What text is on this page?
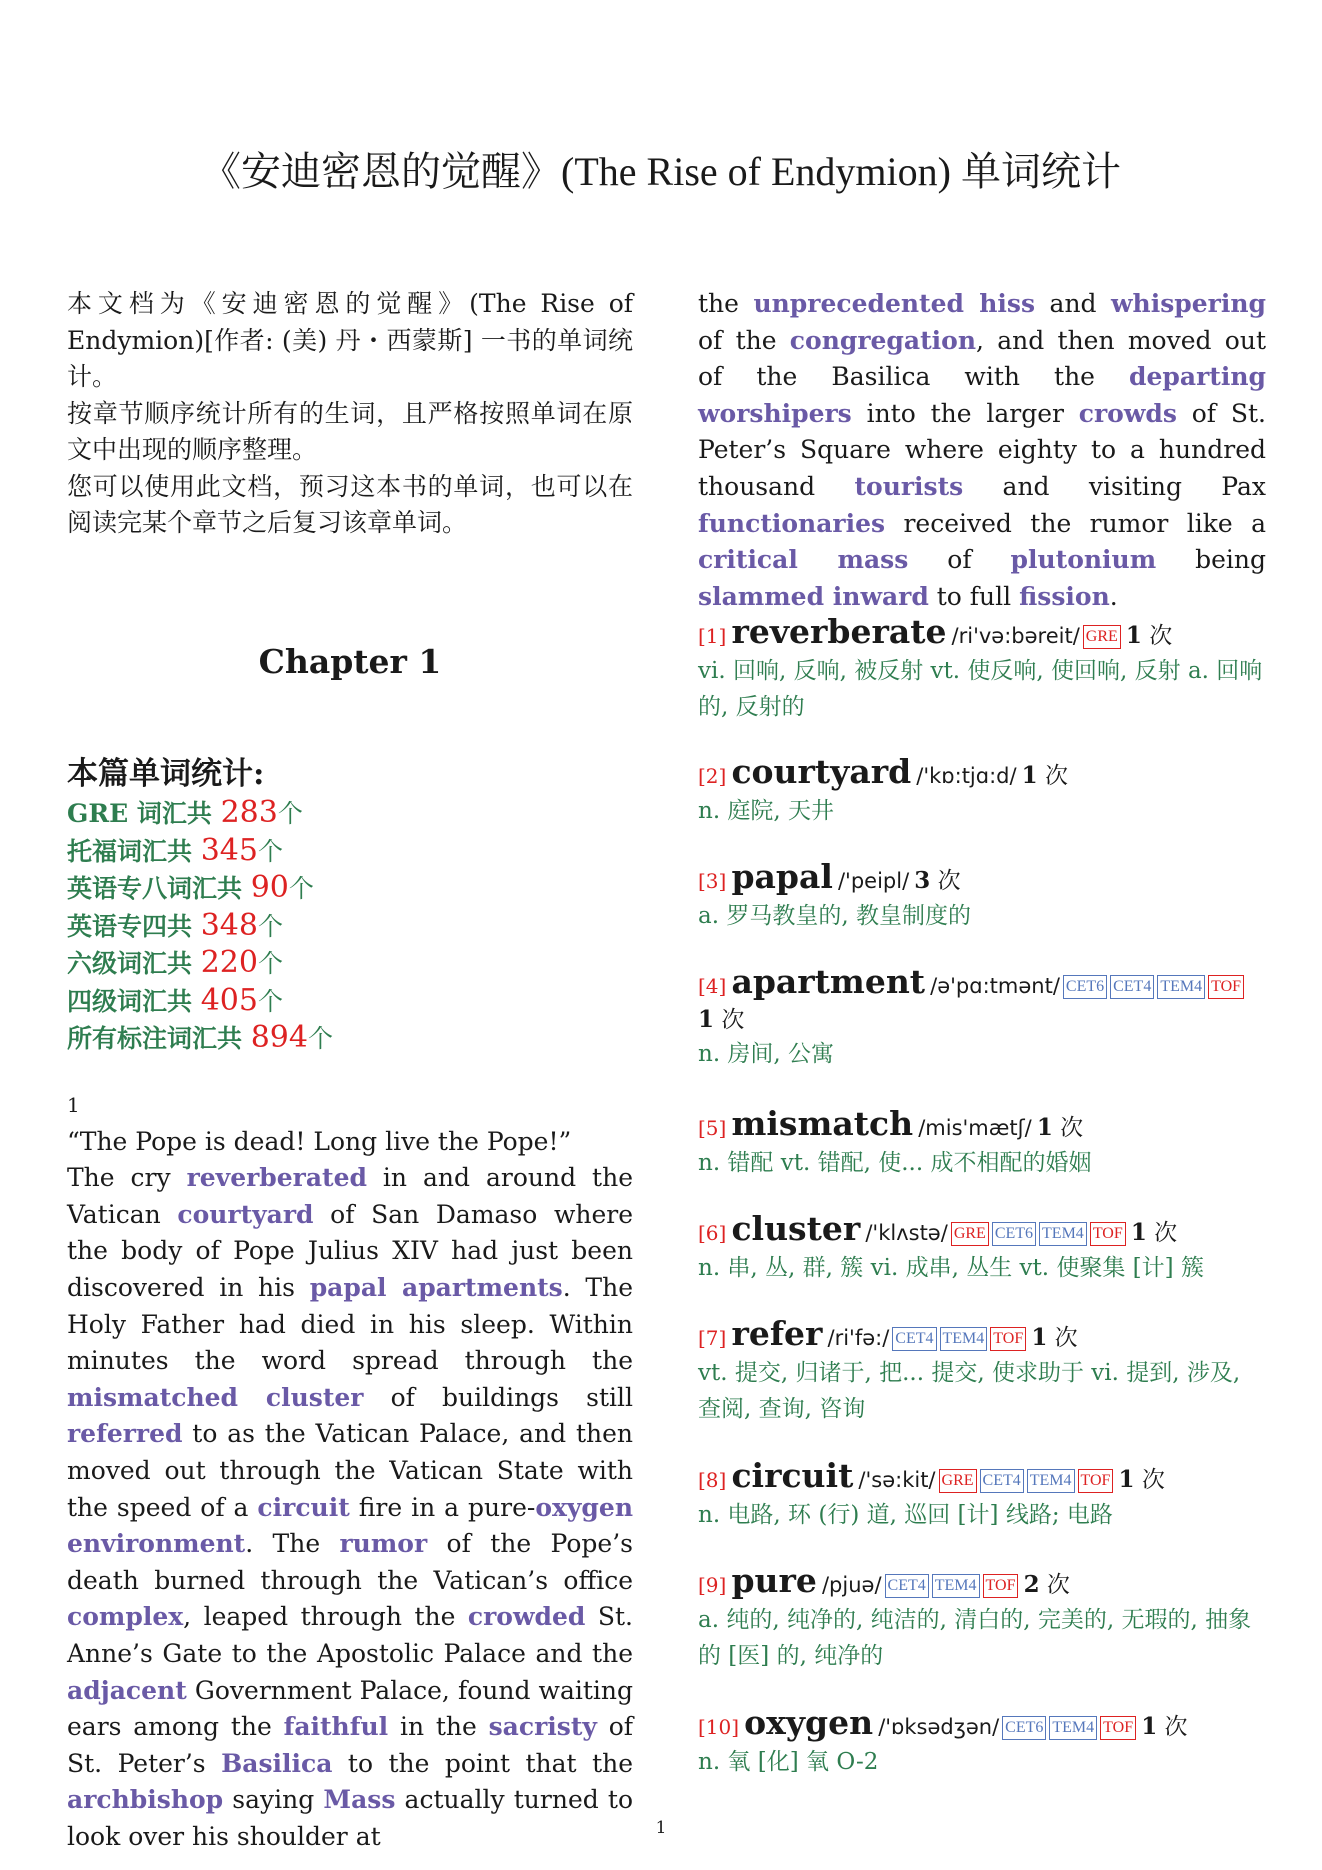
《安迪密恩的觉醒》(The Rise of Endymion) 单词统计

本文档为《安迪密恩的觉醒》(The Rise of Endymion)[作者: (美) 丹・西蒙斯] 一书的单词统计。

按章节顺序统计所有的生词，且严格按照单词在原文中出现的顺序整理。

您可以使用此文档，预习这本书的单词，也可以在阅读完某个章节之后复习该章单词。

Chapter 1
本篇单词统计:
GRE 词汇共 283个
托福词汇共 345个
英语专八词汇共 90个
英语专四共 348个
六级词汇共 220个
四级词汇共 405个
所有标注词汇共 894个
1

“The Pope is dead! Long live the Pope!”

The cry reverberated in and around the Vatican courtyard of San Damaso where the body of Pope Julius XIV had just been discovered in his papal apartments. The Holy Father had died in his sleep. Within minutes the word spread through the mismatched cluster of buildings still referred to as the Vatican Palace, and then moved out through the Vatican State with the speed of a circuit fire in a pure-oxygen environment. The rumor of the Pope’s death burned through the Vatican’s office complex, leaped through the crowded St. Anne’s Gate to the Apostolic Palace and the adjacent Government Palace, found waiting ears among the faithful in the sacristy of St. Peter’s Basilica to the point that the archbishop saying Mass actually turned to look over his shoulder at

the unprecedented hiss and whispering of the congregation, and then moved out of the Basilica with the departing worshipers into the larger crowds of St. Peter’s Square where eighty to a hundred thousand tourists and visiting Pax functionaries received the rumor like a critical mass of plutonium being slammed inward to full fission.

[1] reverberate /ri'və:bəreit/ GRE 1 次
vi. 回响, 反响, 被反射 vt. 使反响, 使回响, 反射 a. 回响的, 反射的
[2] courtyard /'kɒ:tjɑ:d/ 1 次
n. 庭院, 天井
[3] papal /'peipl/ 3 次
a. 罗马教皇的, 教皇制度的
[4] apartment /ə'pɑ:tmənt/ CET6 CET4 TEM4 TOF
1 次
n. 房间, 公寓
[5] mismatch /mis'mætʃ/ 1 次
n. 错配 vt. 错配, 使... 成不相配的婚姻
[6] cluster /'klʌstə/ GRE CET6 TEM4 TOF 1 次
n. 串, 丛, 群, 簇 vi. 成串, 丛生 vt. 使聚集 [计] 簇
[7] refer /ri'fə:/ CET4 TEM4 TOF 1 次
vt. 提交, 归诸于, 把... 提交, 使求助于 vi. 提到, 涉及, 查阅, 查询, 咨询
[8] circuit /'sə:kit/ GRE CET4 TEM4 TOF 1 次
n. 电路, 环 (行) 道, 巡回 [计] 线路; 电路
[9] pure /pjuə/ CET4 TEM4 TOF 2 次
a. 纯的, 纯净的, 纯洁的, 清白的, 完美的, 无瑕的, 抽象的 [医] 的, 纯净的
[10] oxygen /'ɒksədʒən/ CET6 TEM4 TOF 1 次
n. 氧 [化] 氧 O-2
1
